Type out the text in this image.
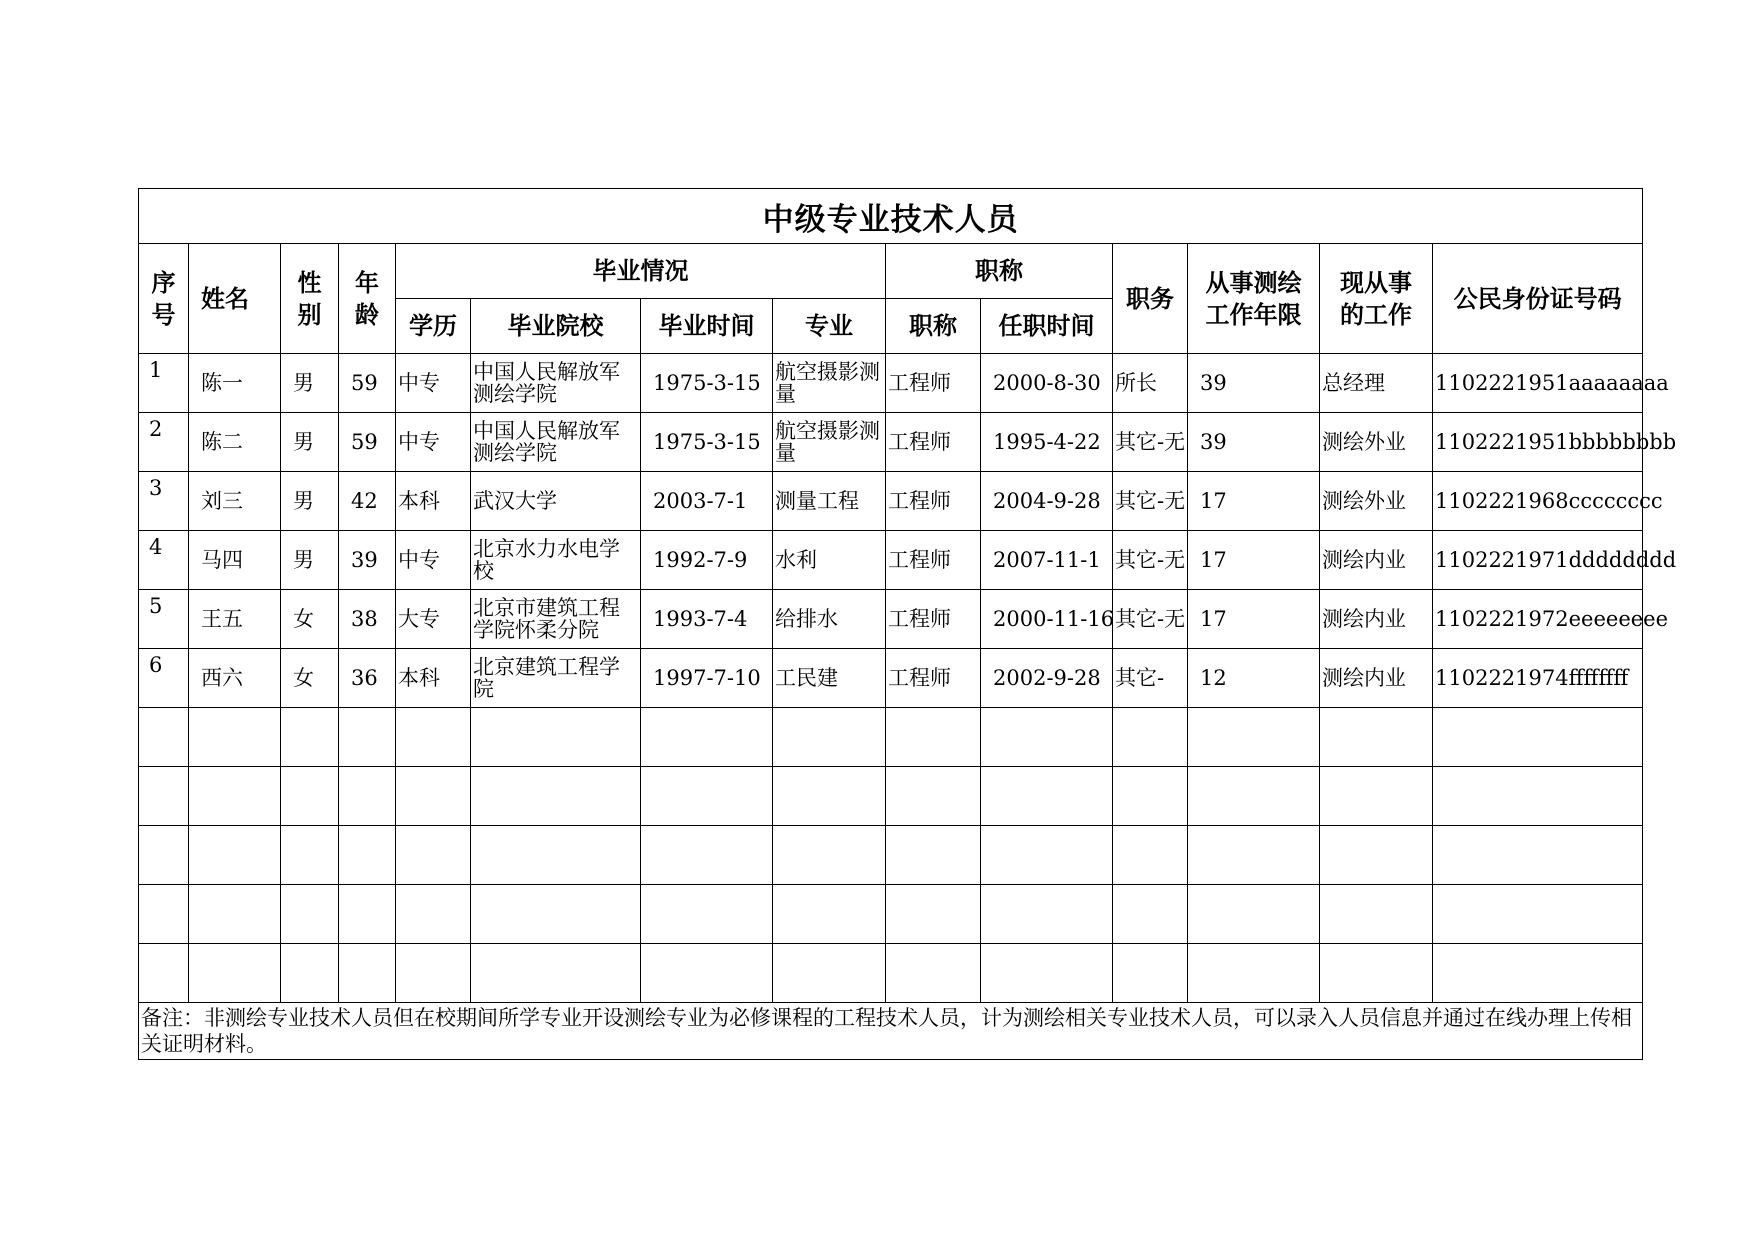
中级专业技术人员													
序号	姓名	性别	年龄	毕业情况				职称		职务	从事测绘工作年限	现从事的工作	公民身份证号码
				学历	毕业院校	毕业时间	专业	职称	任职时间				
1	陈一	男	59	中专	中国人民解放军测绘学院	1975-3-15	航空摄影测量	工程师	2000-8-30	所长	39	总经理	1102221951aaaaaaaa
2	陈二	男	59	中专	中国人民解放军测绘学院	1975-3-15	航空摄影测量	工程师	1995-4-22	其它-无	39	测绘外业	1102221951bbbbbbbb
3	刘三	男	42	本科	武汉大学	2003-7-1	测量工程	工程师	2004-9-28	其它-无	17	测绘外业	1102221968cccccccc
4	马四	男	39	中专	北京水力水电学校	1992-7-9	水利	工程师	2007-11-1	其它-无	17	测绘内业	1102221971dddddddd
5	王五	女	38	大专	北京市建筑工程学院怀柔分院	1993-7-4	给排水	工程师	2000-11-16	其它-无	17	测绘内业	1102221972eeeeeeee
6	西六	女	36	本科	北京建筑工程学院	1997-7-10	工民建	工程师	2002-9-28	其它-	12	测绘内业	1102221974ffffffff

备注：非测绘专业技术人员但在校期间所学专业开设测绘专业为必修课程的工程技术人员，计为测绘相关专业技术人员，可以录入人员信息并通过在线办理上传相关证明材料。													
